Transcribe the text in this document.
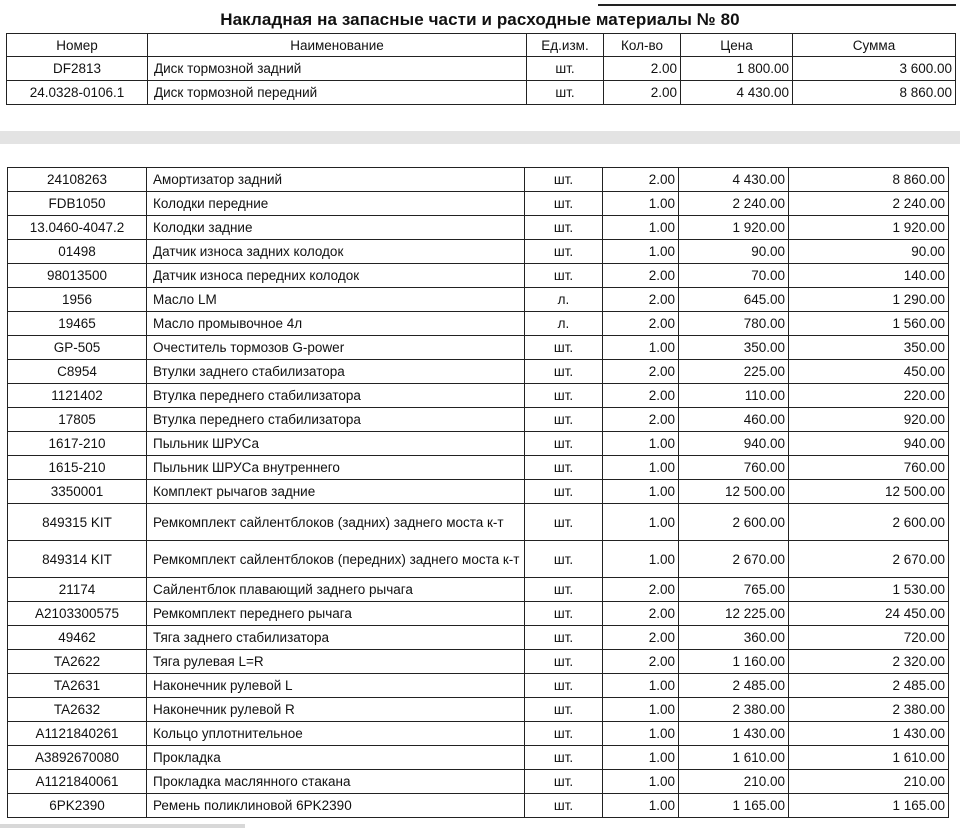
Накладная на запасные части и расходные материалы № 80
Номер	Наименование	Ед.изм.	Кол-во	Цена	Сумма
DF2813	Диск тормозной задний	шт.	2.00	1 800.00	3 600.00
24.0328-0106.1	Диск тормозной передний	шт.	2.00	4 430.00	8 860.00
24108263	Амортизатор задний	шт.	2.00	4 430.00	8 860.00
FDB1050	Колодки передние	шт.	1.00	2 240.00	2 240.00
13.0460-4047.2	Колодки задние	шт.	1.00	1 920.00	1 920.00
01498	Датчик износа задних колодок	шт.	1.00	90.00	90.00
98013500	Датчик износа передних колодок	шт.	2.00	70.00	140.00
1956	Масло LM	л.	2.00	645.00	1 290.00
19465	Масло промывочное 4л	л.	2.00	780.00	1 560.00
GP-505	Очеститель тормозов G-power	шт.	1.00	350.00	350.00
C8954	Втулки заднего стабилизатора	шт.	2.00	225.00	450.00
1121402	Втулка переднего стабилизатора	шт.	2.00	110.00	220.00
17805	Втулка переднего стабилизатора	шт.	2.00	460.00	920.00
1617-210	Пыльник ШРУСа	шт.	1.00	940.00	940.00
1615-210	Пыльник ШРУСа внутреннего	шт.	1.00	760.00	760.00
3350001	Комплект рычагов задние	шт.	1.00	12 500.00	12 500.00
849315 KIT	Ремкомплект сайлентблоков (задних) заднего моста к-т	шт.	1.00	2 600.00	2 600.00
849314 KIT	Ремкомплект сайлентблоков (передних) заднего моста к-т	шт.	1.00	2 670.00	2 670.00
21174	Сайлентблок плавающий заднего рычага	шт.	2.00	765.00	1 530.00
A2103300575	Ремкомплект переднего рычага	шт.	2.00	12 225.00	24 450.00
49462	Тяга заднего стабилизатора	шт.	2.00	360.00	720.00
TA2622	Тяга рулевая L=R	шт.	2.00	1 160.00	2 320.00
TA2631	Наконечник рулевой L	шт.	1.00	2 485.00	2 485.00
TA2632	Наконечник рулевой R	шт.	1.00	2 380.00	2 380.00
A1121840261	Кольцо уплотнительное	шт.	1.00	1 430.00	1 430.00
A3892670080	Прокладка	шт.	1.00	1 610.00	1 610.00
A1121840061	Прокладка маслянного стакана	шт.	1.00	210.00	210.00
6PK2390	Ремень поликлиновой 6PK2390	шт.	1.00	1 165.00	1 165.00
